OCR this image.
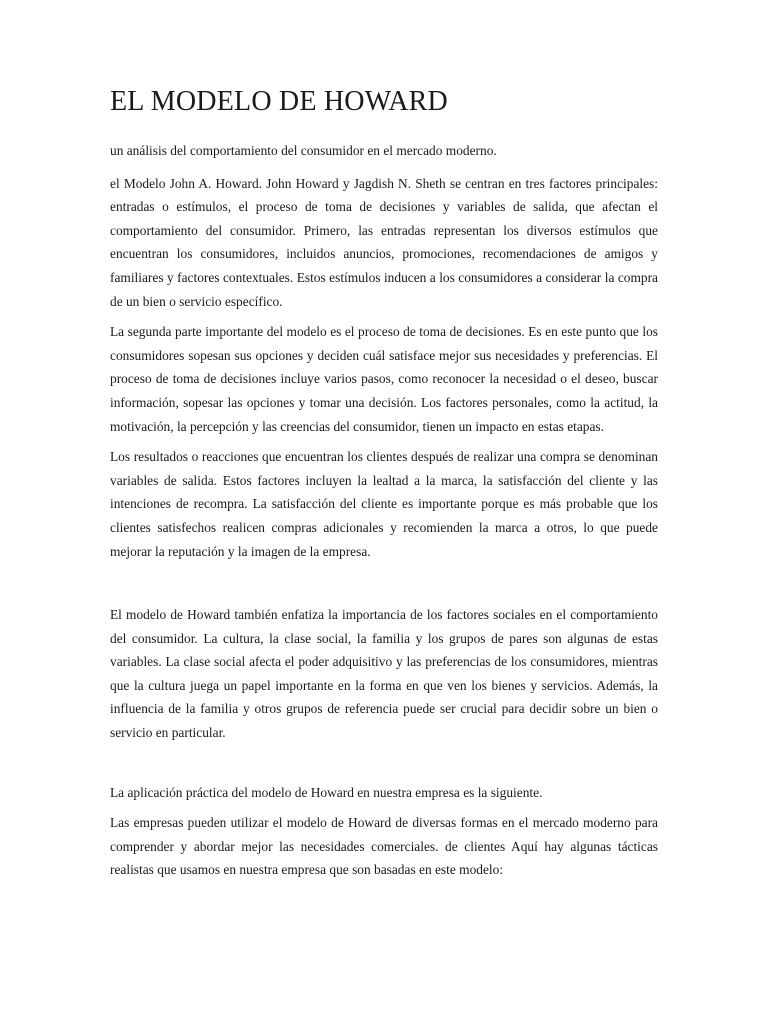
EL MODELO DE HOWARD

un análisis del comportamiento del consumidor en el mercado moderno.

el Modelo John A. Howard. John Howard y Jagdish N. Sheth se centran en tres factores principales: entradas o estímulos, el proceso de toma de decisiones y variables de salida, que afectan el comportamiento del consumidor. Primero, las entradas representan los diversos estímulos que encuentran los consumidores, incluidos anuncios, promociones, recomendaciones de amigos y familiares y factores contextuales. Estos estímulos inducen a los consumidores a considerar la compra de un bien o servicio específico.

La segunda parte importante del modelo es el proceso de toma de decisiones. Es en este punto que los consumidores sopesan sus opciones y deciden cuál satisface mejor sus necesidades y preferencias. El proceso de toma de decisiones incluye varios pasos, como reconocer la necesidad o el deseo, buscar información, sopesar las opciones y tomar una decisión. Los factores personales, como la actitud, la motivación, la percepción y las creencias del consumidor, tienen un impacto en estas etapas.

Los resultados o reacciones que encuentran los clientes después de realizar una compra se denominan variables de salida. Estos factores incluyen la lealtad a la marca, la satisfacción del cliente y las intenciones de recompra. La satisfacción del cliente es importante porque es más probable que los clientes satisfechos realicen compras adicionales y recomienden la marca a otros, lo que puede mejorar la reputación y la imagen de la empresa.

El modelo de Howard también enfatiza la importancia de los factores sociales en el comportamiento del consumidor. La cultura, la clase social, la familia y los grupos de pares son algunas de estas variables. La clase social afecta el poder adquisitivo y las preferencias de los consumidores, mientras que la cultura juega un papel importante en la forma en que ven los bienes y servicios. Además, la influencia de la familia y otros grupos de referencia puede ser crucial para decidir sobre un bien o servicio en particular.

La aplicación práctica del modelo de Howard en nuestra empresa es la siguiente.

Las empresas pueden utilizar el modelo de Howard de diversas formas en el mercado moderno para comprender y abordar mejor las necesidades comerciales. de clientes Aquí hay algunas tácticas realistas que usamos en nuestra empresa que son basadas en este modelo:
